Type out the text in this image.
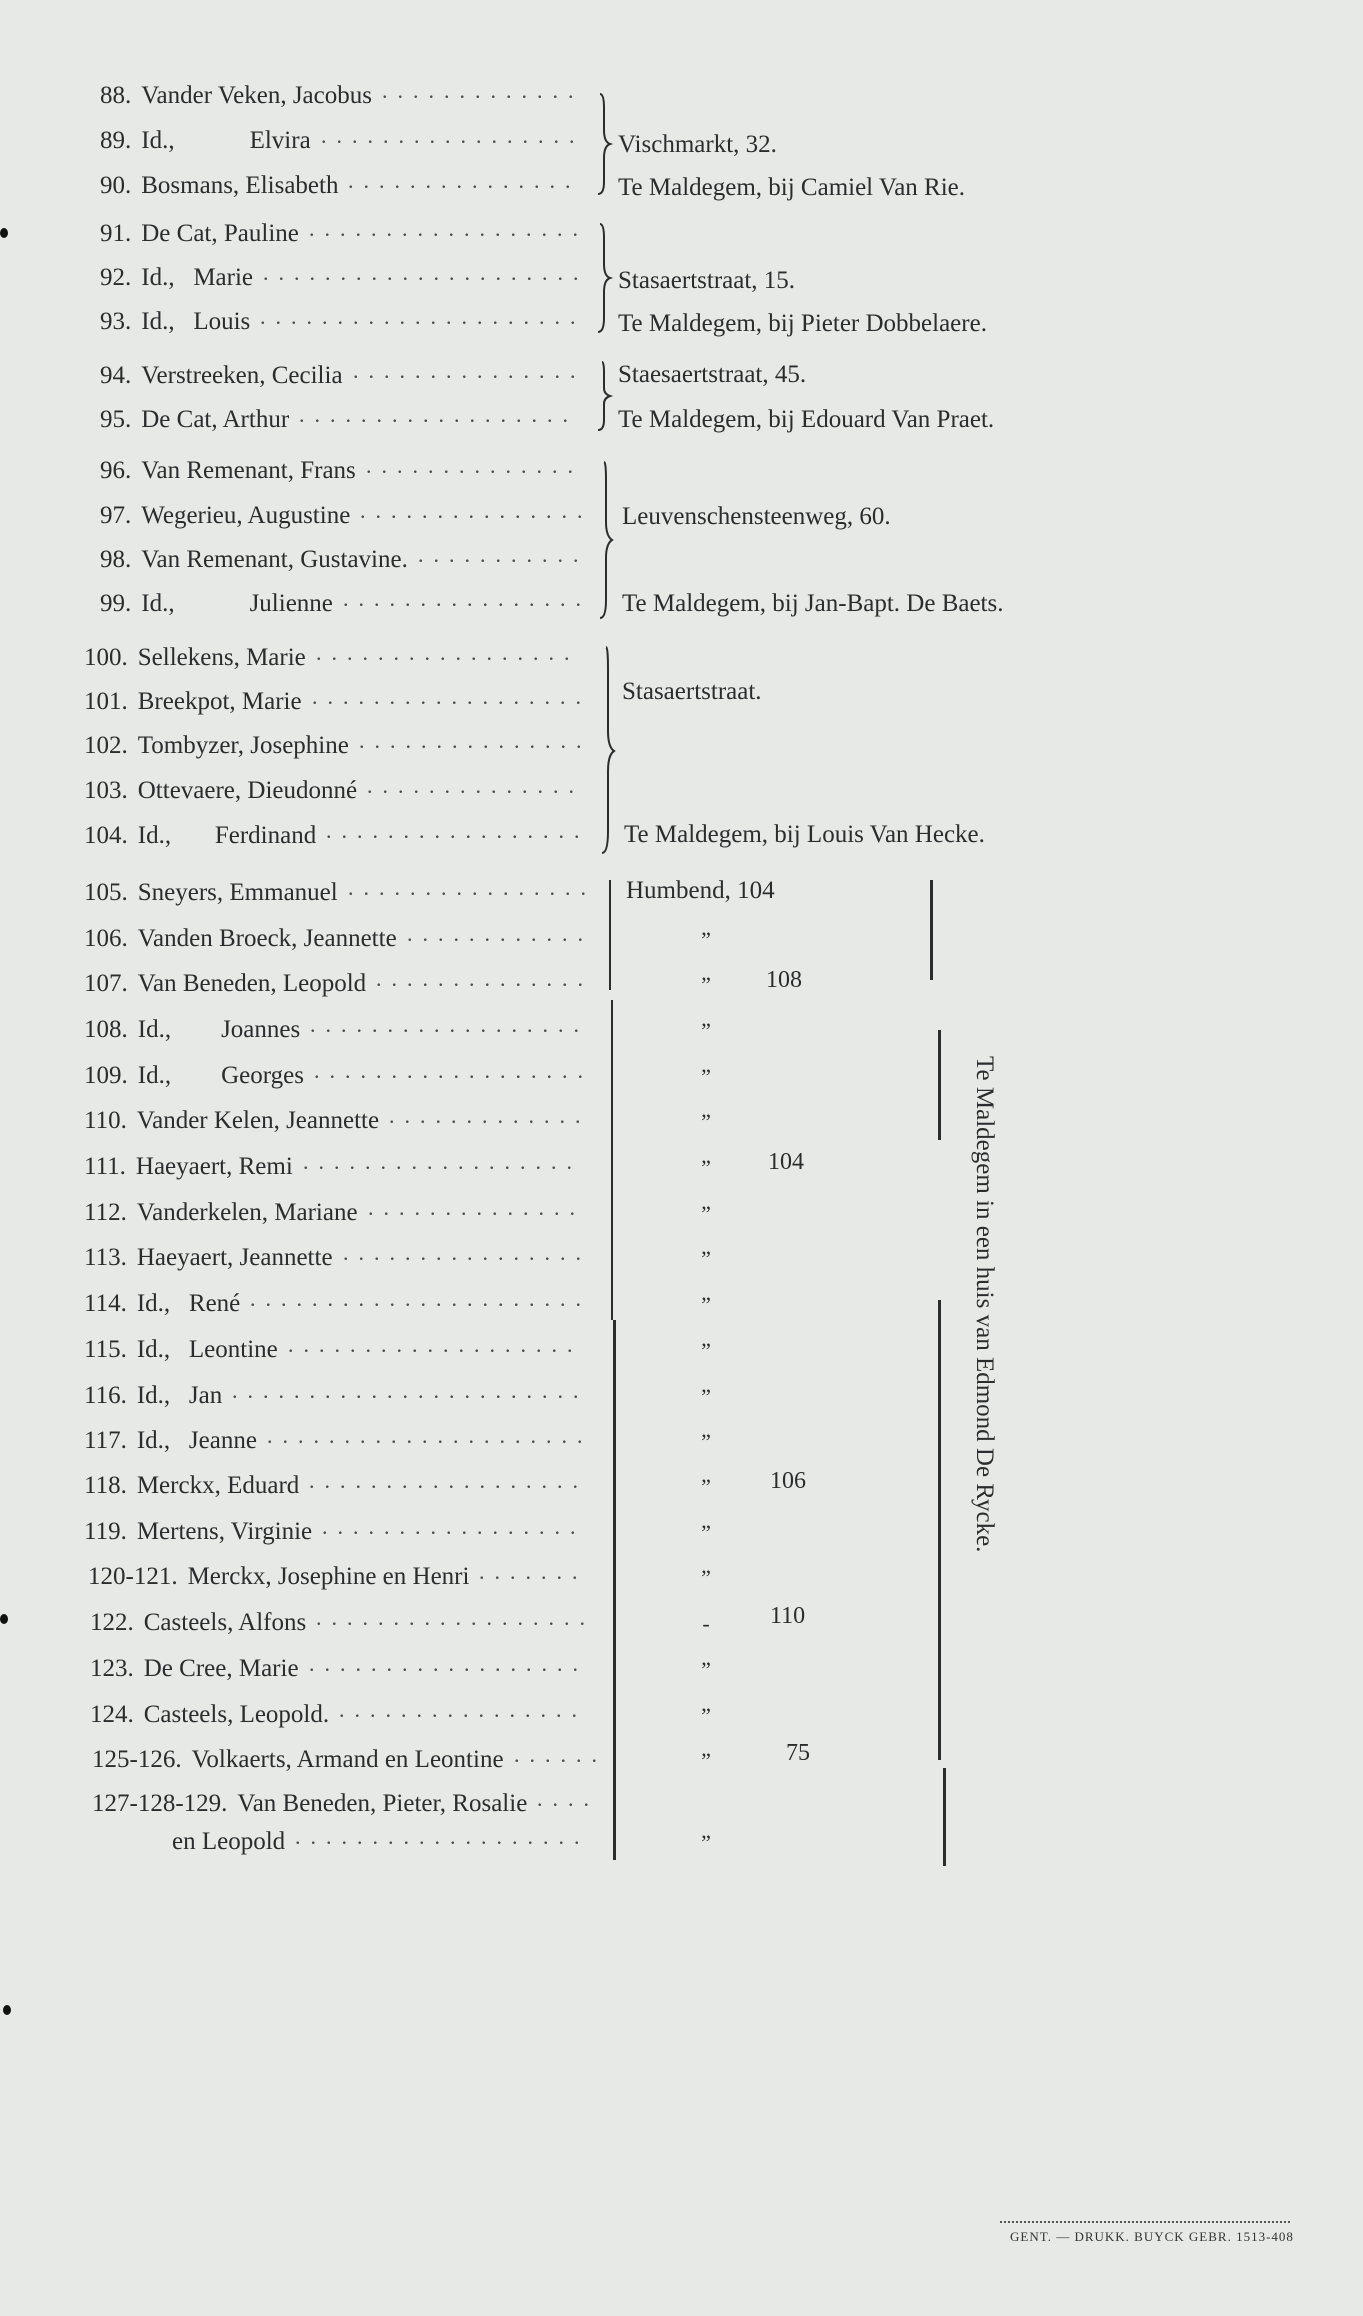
88. Vander Veken, Jacobus
89. Id.,            Elvira
90. Bosmans, Elisabeth
91. De Cat, Pauline
92. Id.,   Marie
93. Id.,   Louis
94. Verstreeken, Cecilia
95. De Cat, Arthur
96. Van Remenant, Frans
97. Wegerieu, Augustine
98. Van Remenant, Gustavine.
99. Id.,            Julienne
100. Sellekens, Marie
101. Breekpot, Marie
102. Tombyzer, Josephine
103. Ottevaere, Dieudonné
104. Id.,       Ferdinand
105. Sneyers, Emmanuel
106. Vanden Broeck, Jeannette
107. Van Beneden, Leopold
108. Id.,        Joannes
109. Id.,        Georges
110. Vander Kelen, Jeannette
111. Haeyaert, Remi
112. Vanderkelen, Mariane
113. Haeyaert, Jeannette
114. Id.,   René
115. Id.,   Leontine
116. Id.,   Jan
117. Id.,   Jeanne
118. Merckx, Eduard
119. Mertens, Virginie
120-121. Merckx, Josephine en Henri
122. Casteels, Alfons
123. De Cree, Marie
124. Casteels, Leopold.
125-126. Volkaerts, Armand en Leontine
127-128-129. Van Beneden, Pieter, Rosalie
en Leopold
.............
.................
...............
..................
.....................
.....................
...............
..................
..............
...............
...........
................
.................
..................
...............
..............
.................
................
............
..............
..................
..................
.............
..................
..............
................
......................
...................
.......................
.....................
..................
.................
.......
..................
..................
................
......
....
...................
Vischmarkt, 32.
Te Maldegem, bij Camiel Van Rie.
Stasaertstraat, 15.
Te Maldegem, bij Pieter Dobbelaere.
Staesaertstraat, 45.
Te Maldegem, bij Edouard Van Praet.
Leuvenschensteenweg, 60.
Te Maldegem, bij Jan-Bapt. De Baets.
Stasaertstraat.
Te Maldegem, bij Louis Van Hecke.
Humbend, 104
108
104
106
110
75
”
”
”
”
”
”
”
”
”
”
”
”
”
”
”
-
”
”
”
”
Te Maldegem in een huis van Edmond De Rycke.
GENT. — DRUKK. BUYCK GEBR. 1513-408
